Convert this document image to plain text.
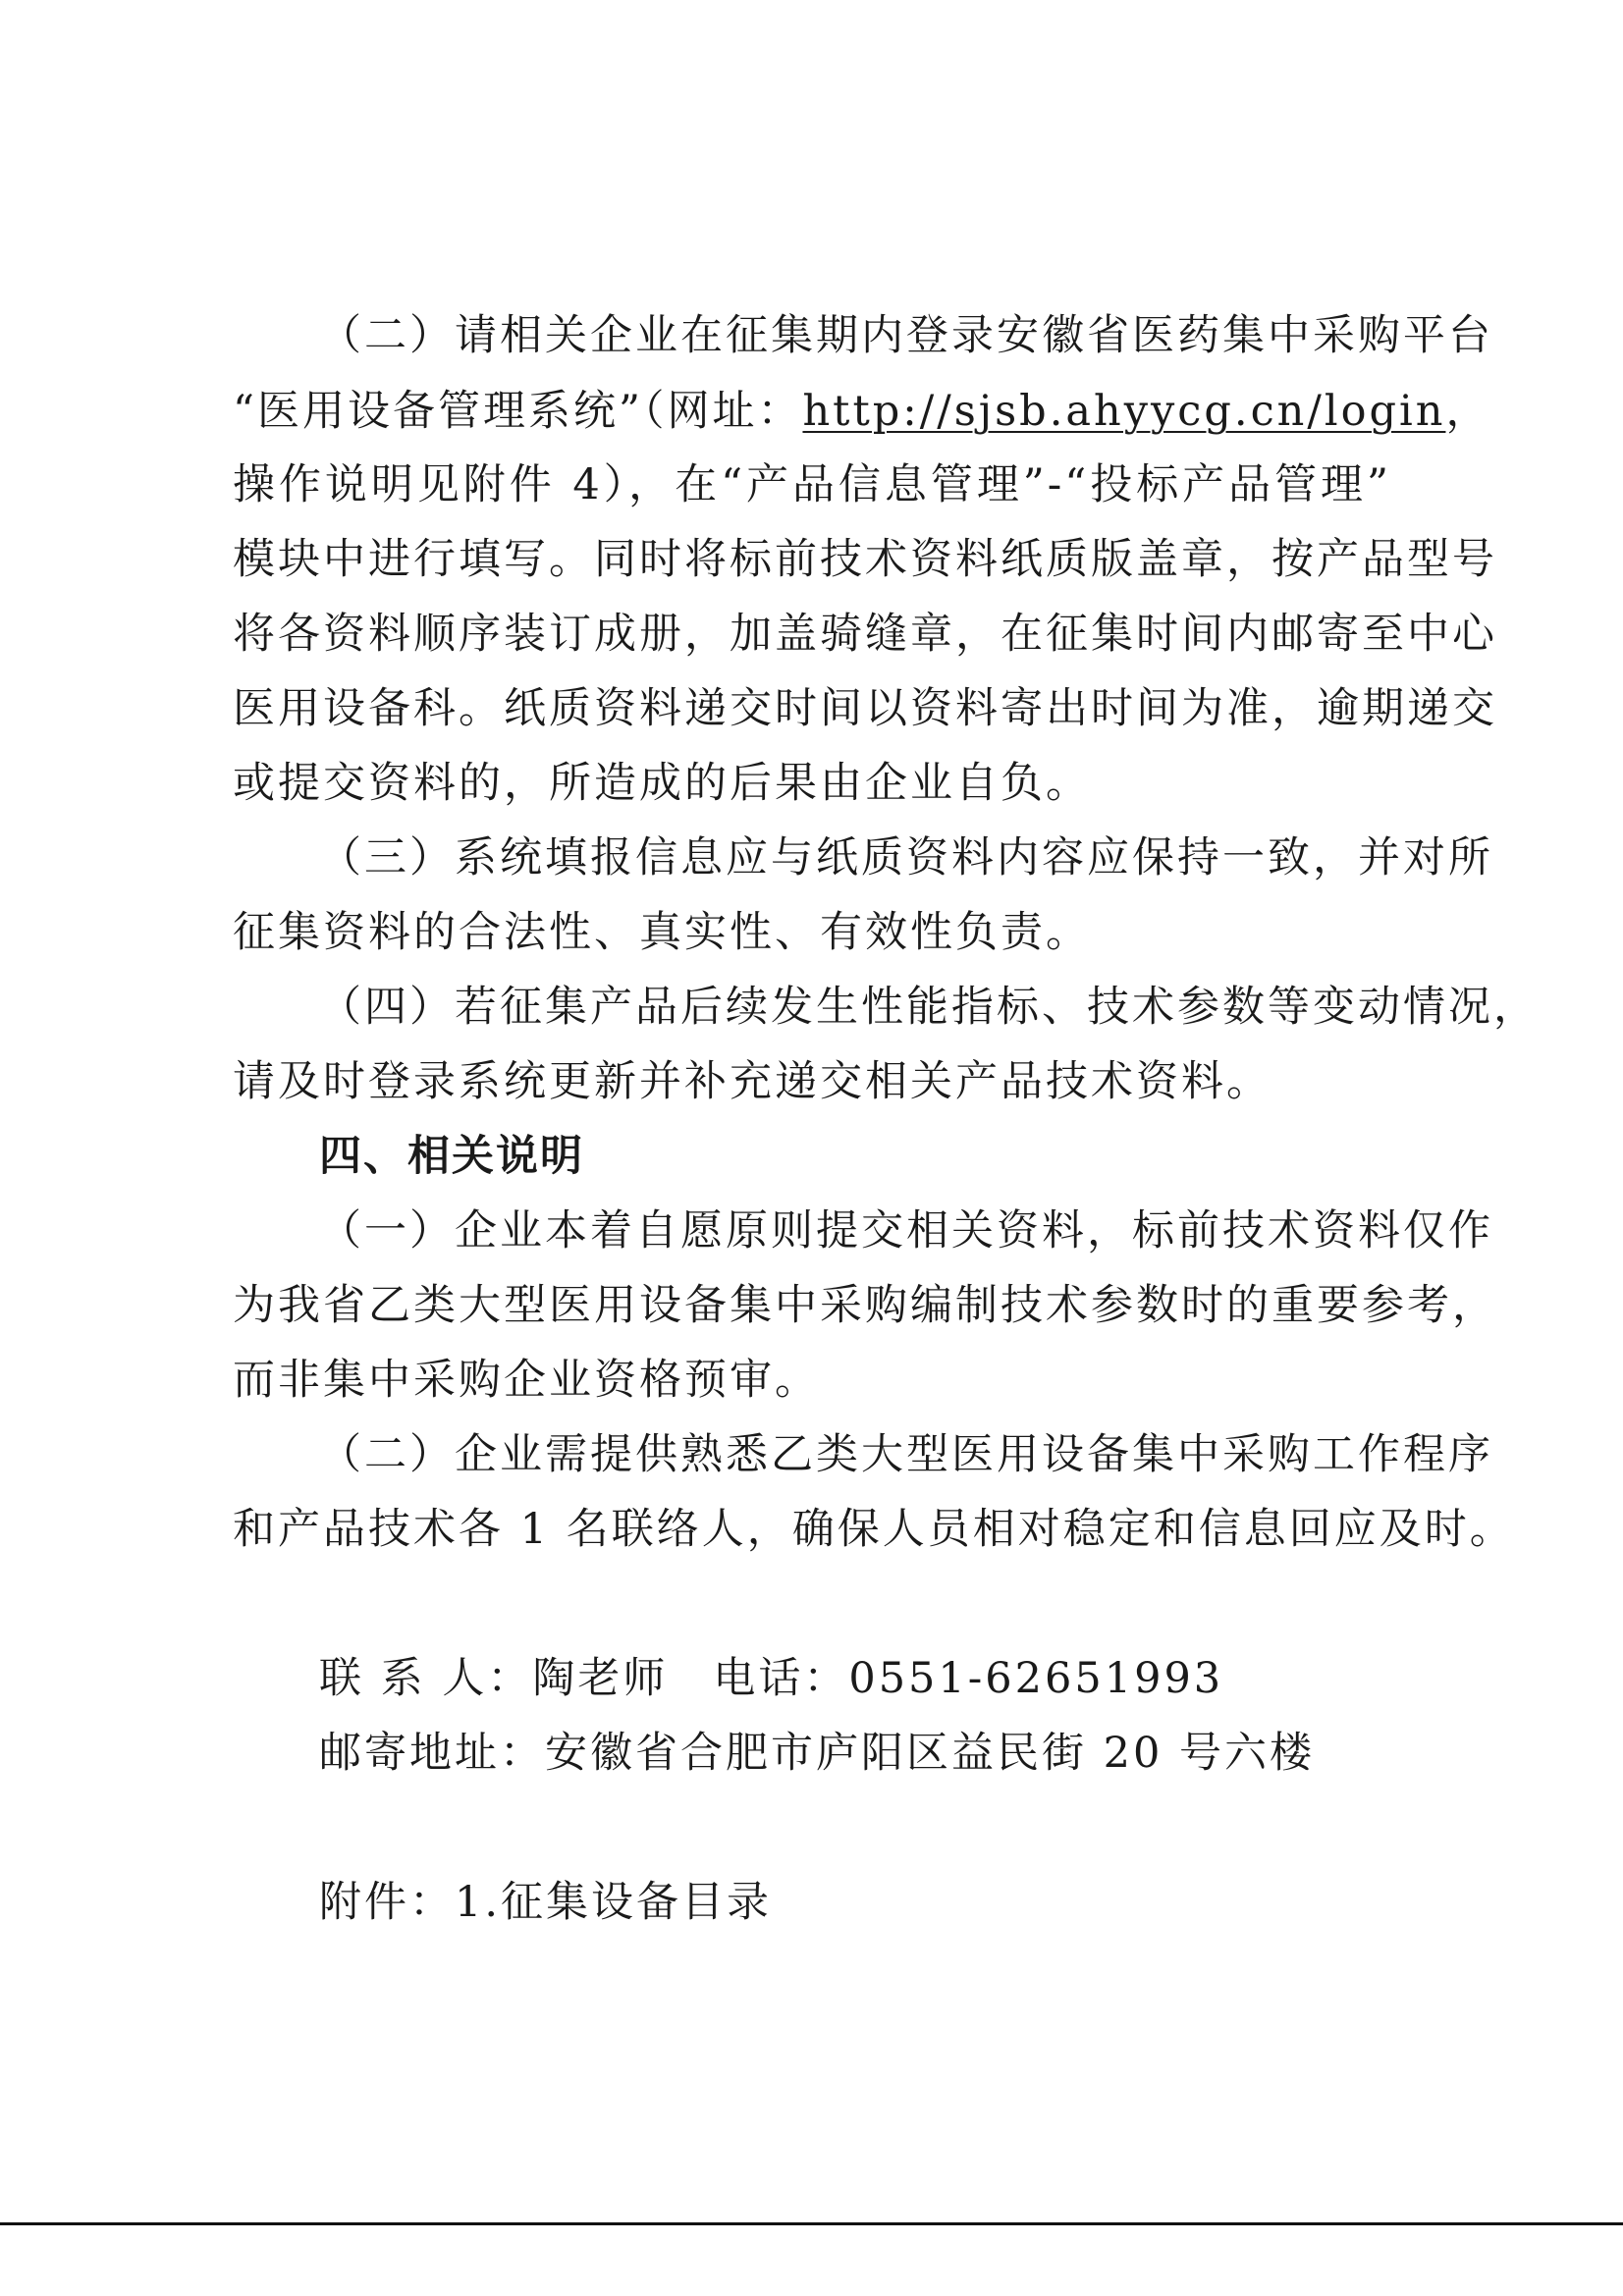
（二）请相关企业在征集期内登录安徽省医药集中采购平台
“医用设备管理系统”（网址：http://sjsb.ahyycg.cn/login，
操作说明见附件 4），在“产品信息管理”-“投标产品管理”
模块中进行填写。同时将标前技术资料纸质版盖章，按产品型号
将各资料顺序装订成册，加盖骑缝章，在征集时间内邮寄至中心
医用设备科。纸质资料递交时间以资料寄出时间为准，逾期递交
或提交资料的，所造成的后果由企业自负。
（三）系统填报信息应与纸质资料内容应保持一致，并对所
征集资料的合法性、真实性、有效性负责。
（四）若征集产品后续发生性能指标、技术参数等变动情况，
请及时登录系统更新并补充递交相关产品技术资料。
四、相关说明
（一）企业本着自愿原则提交相关资料，标前技术资料仅作
为我省乙类大型医用设备集中采购编制技术参数时的重要参考，
而非集中采购企业资格预审。
（二）企业需提供熟悉乙类大型医用设备集中采购工作程序
和产品技术各 1 名联络人，确保人员相对稳定和信息回应及时。
联 系 人：陶老师　电话：0551-62651993
邮寄地址：安徽省合肥市庐阳区益民街 20 号六楼
附件：1.征集设备目录
